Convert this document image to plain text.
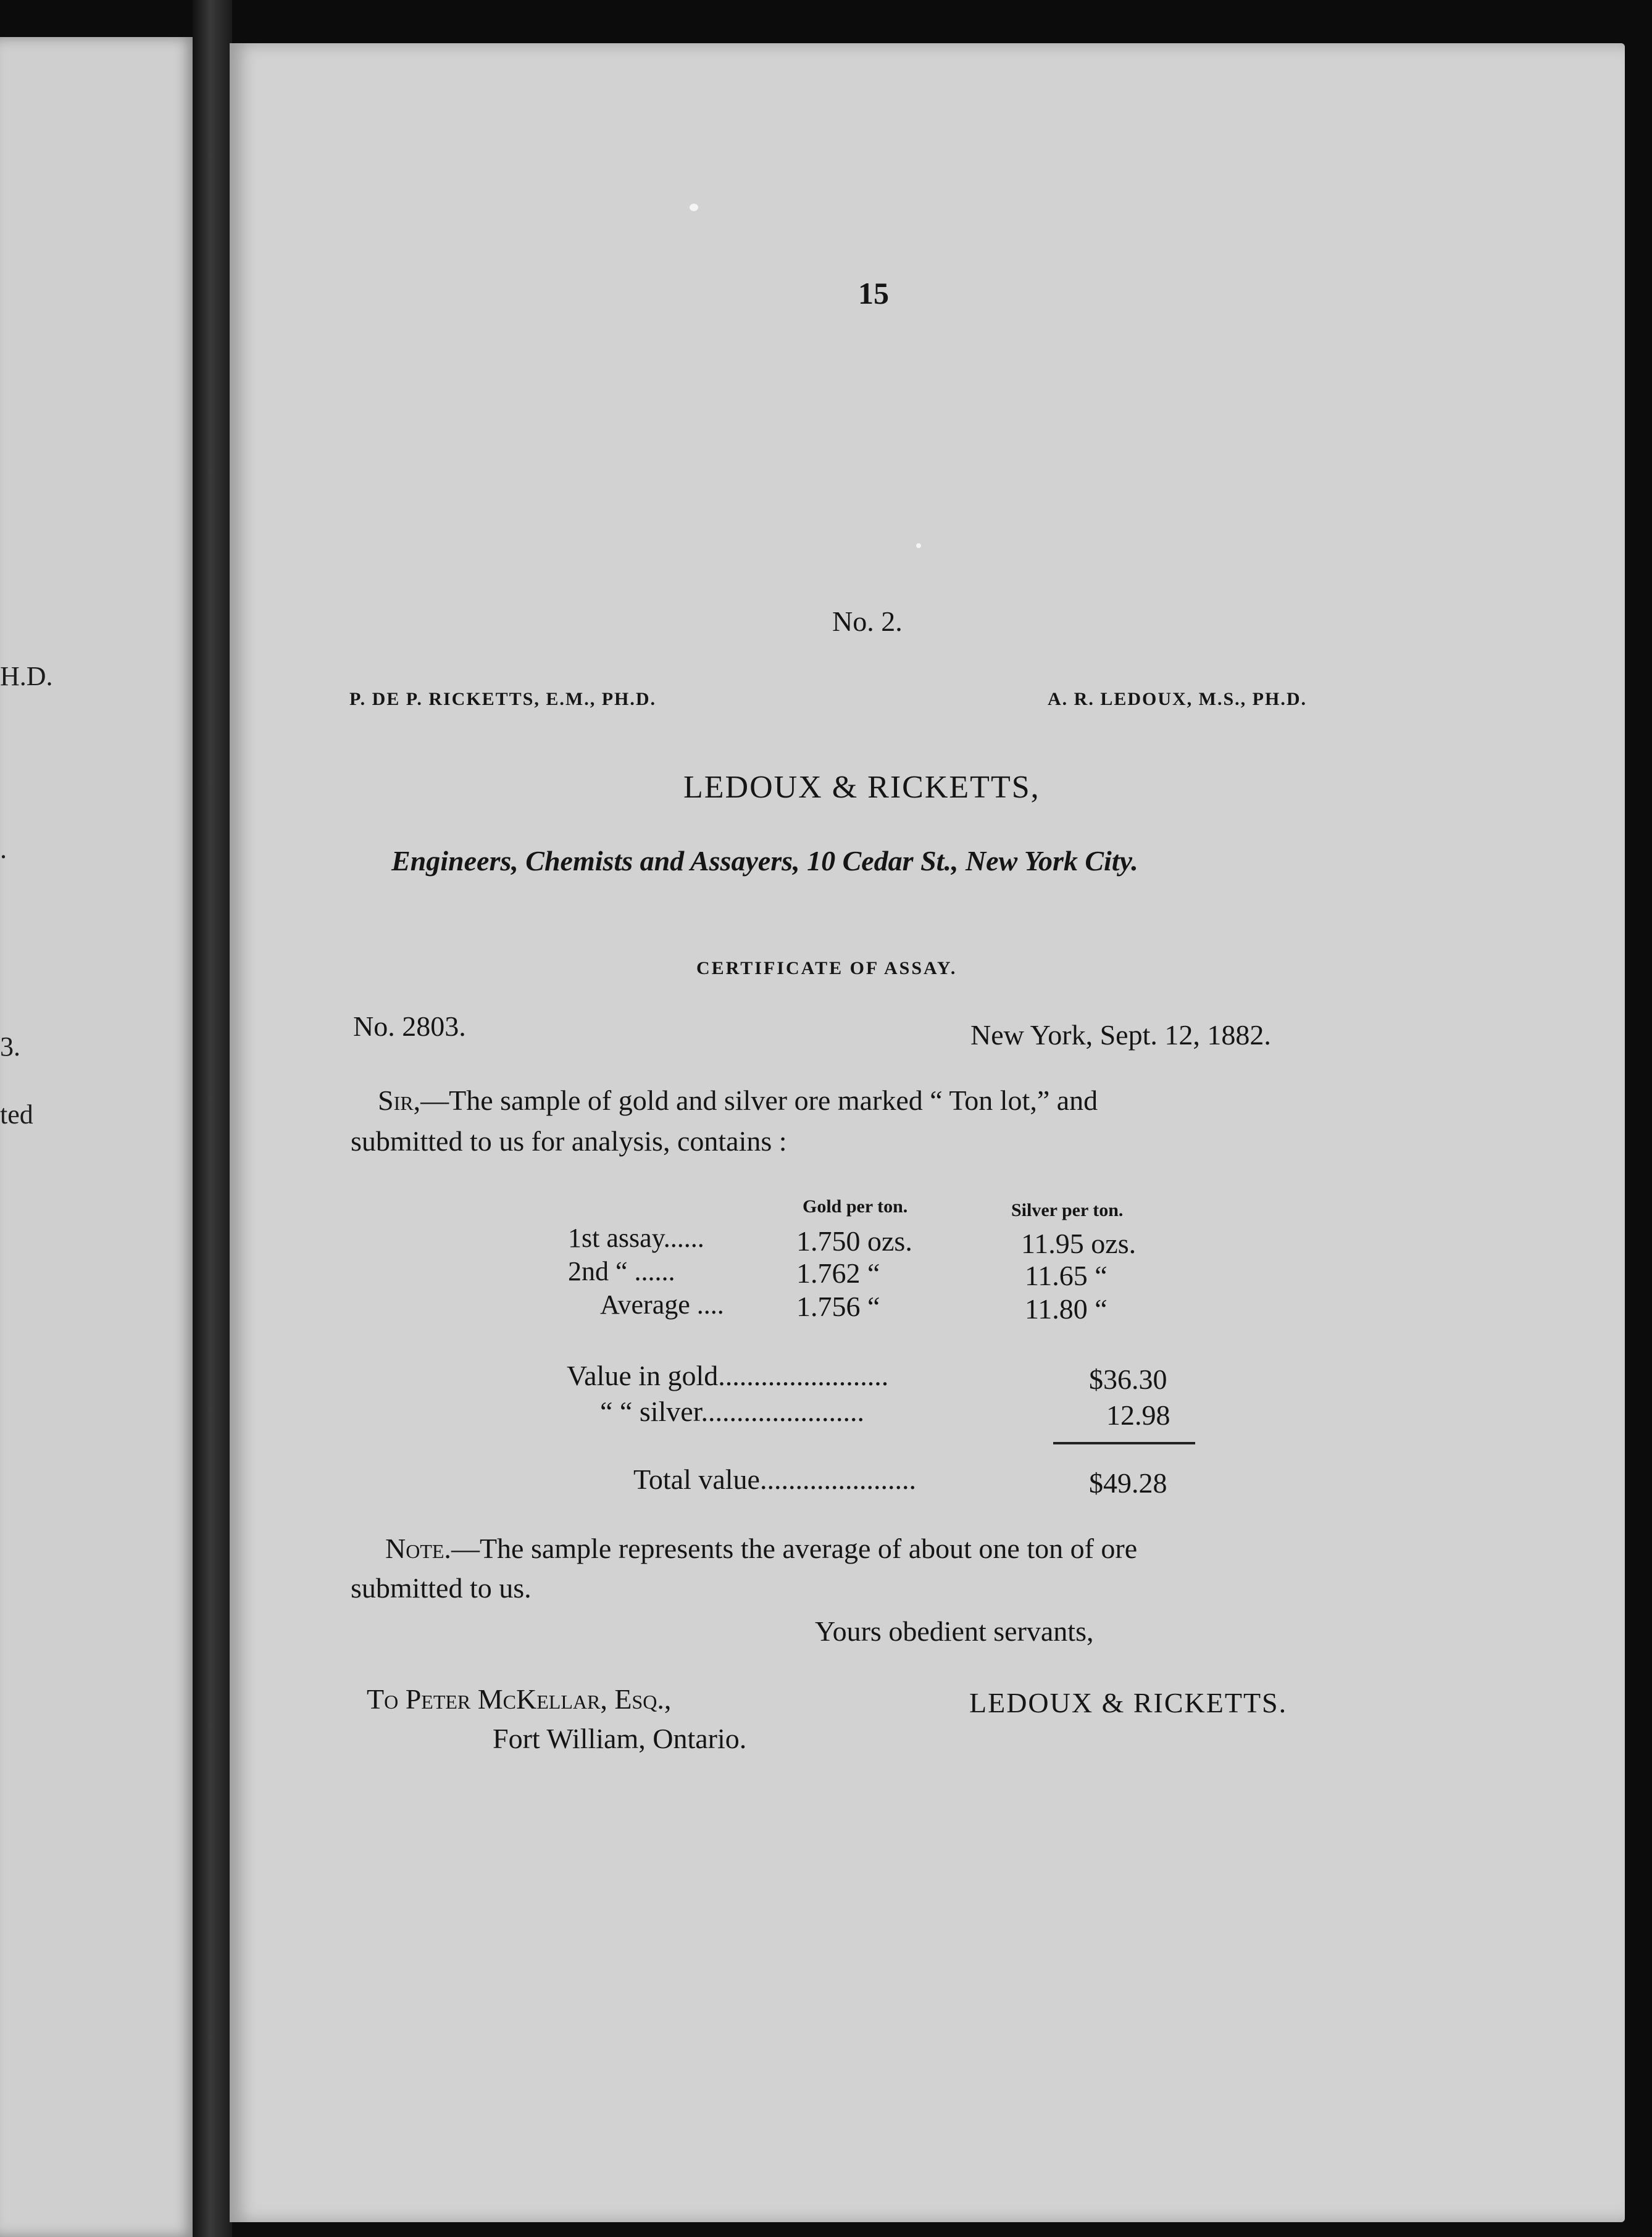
H.D.
.
3.
ted
15
No. 2.
P. DE P. RICKETTS, E.M., PH.D.	A. R. LEDOUX, M.S., PH.D.
LEDOUX & RICKETTS,
Engineers, Chemists and Assayers, 10 Cedar St., New York City.
CERTIFICATE OF ASSAY.
No. 2803.	New York, Sept. 12, 1882.
Sir,—The sample of gold and silver ore marked “ Ton lot,” and
submitted to us for analysis, contains :
Gold per ton.	Silver per ton.
1st assay......	1.750 ozs.	11.95 ozs.
2nd “ ......	1.762 “	11.65 “
Average ....	1.756 “	11.80 “
Value in gold........................	$36.30
“ “ silver.......................	12.98
Total value......................	$49.28
Note.—The sample represents the average of about one ton of ore
submitted to us.
Yours obedient servants,
To Peter McKellar, Esq.,
Fort William, Ontario.
LEDOUX & RICKETTS.
